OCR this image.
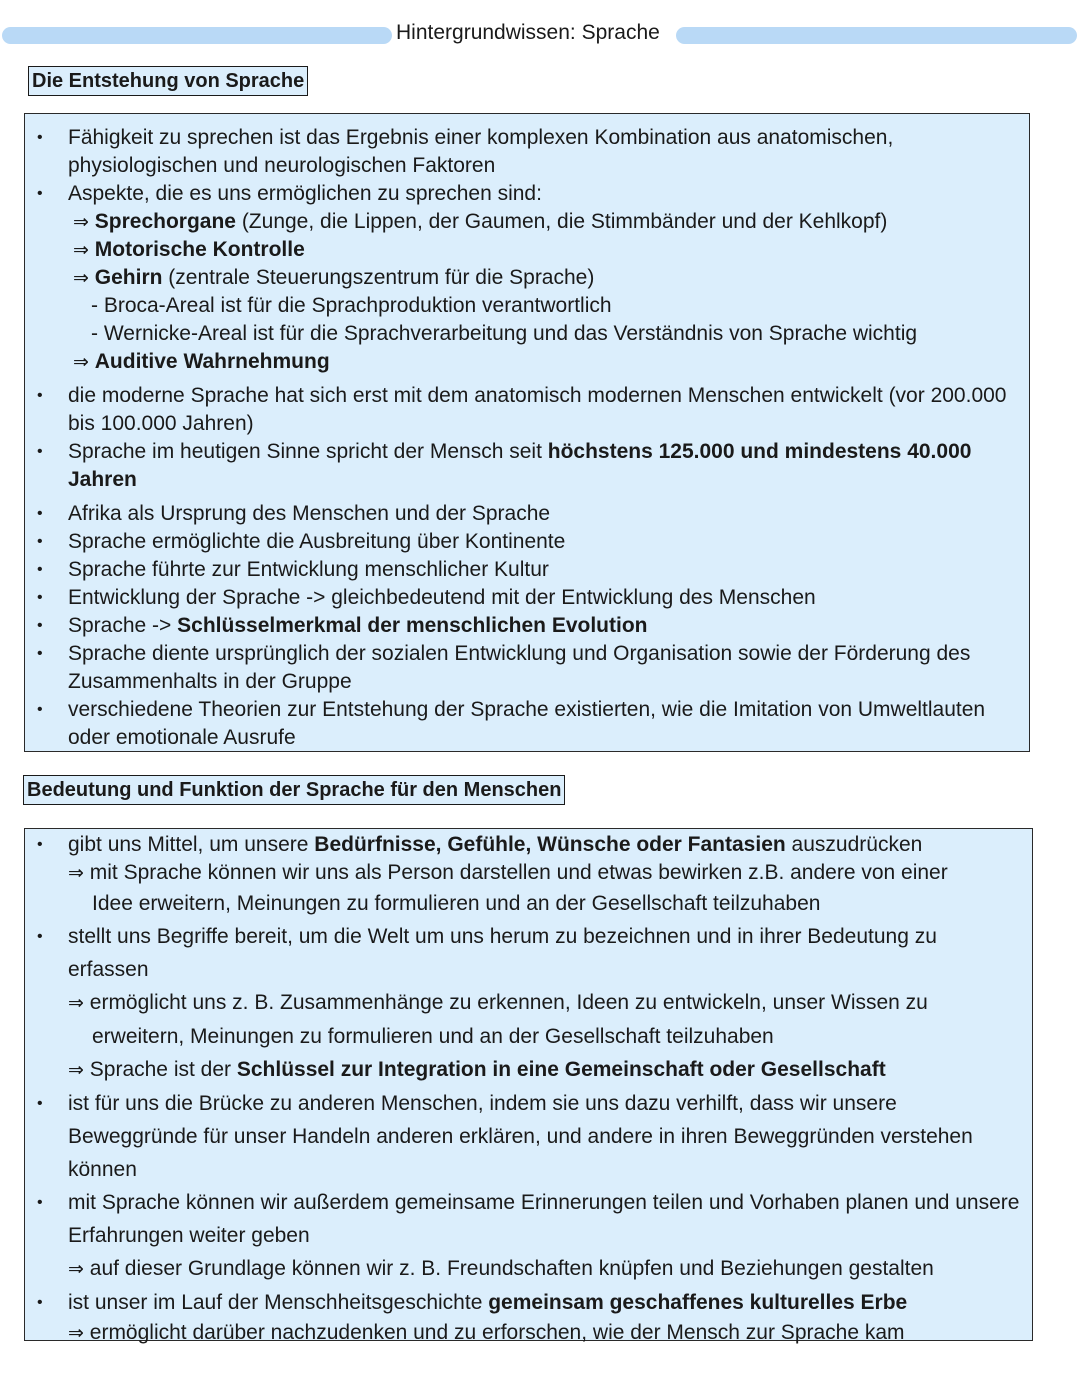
Hintergrundwissen: Sprache
Die Entstehung von Sprache
• Fähigkeit zu sprechen ist das Ergebnis einer komplexen Kombination aus anatomischen, physiologischen und neurologischen Faktoren
• Aspekte, die es uns ermöglichen zu sprechen sind:
⇒ Sprechorgane (Zunge, die Lippen, der Gaumen, die Stimmbänder und der Kehlkopf)
⇒ Motorische Kontrolle
⇒ Gehirn (zentrale Steuerungszentrum für die Sprache)
- Broca-Areal ist für die Sprachproduktion verantwortlich
- Wernicke-Areal ist für die Sprachverarbeitung und das Verständnis von Sprache wichtig
⇒ Auditive Wahrnehmung
• die moderne Sprache hat sich erst mit dem anatomisch modernen Menschen entwickelt (vor 200.000 bis 100.000 Jahren)
• Sprache im heutigen Sinne spricht der Mensch seit höchstens 125.000 und mindestens 40.000 Jahren
• Afrika als Ursprung des Menschen und der Sprache
• Sprache ermöglichte die Ausbreitung über Kontinente
• Sprache führte zur Entwicklung menschlicher Kultur
• Entwicklung der Sprache -> gleichbedeutend mit der Entwicklung des Menschen
• Sprache -> Schlüsselmerkmal der menschlichen Evolution
• Sprache diente ursprünglich der sozialen Entwicklung und Organisation sowie der Förderung des Zusammenhalts in der Gruppe
• verschiedene Theorien zur Entstehung der Sprache existierten, wie die Imitation von Umweltlauten oder emotionale Ausrufe
Bedeutung und Funktion der Sprache für den Menschen
• gibt uns Mittel, um unsere Bedürfnisse, Gefühle, Wünsche oder Fantasien auszudrücken
⇒ mit Sprache können wir uns als Person darstellen und etwas bewirken z.B. andere von einer
Idee erweitern, Meinungen zu formulieren und an der Gesellschaft teilzuhaben
• stellt uns Begriffe bereit, um die Welt um uns herum zu bezeichnen und in ihrer Bedeutung zu erfassen
⇒ ermöglicht uns z. B. Zusammenhänge zu erkennen, Ideen zu entwickeln, unser Wissen zu
erweitern, Meinungen zu formulieren und an der Gesellschaft teilzuhaben
⇒ Sprache ist der Schlüssel zur Integration in eine Gemeinschaft oder Gesellschaft
• ist für uns die Brücke zu anderen Menschen, indem sie uns dazu verhilft, dass wir unsere Beweggründe für unser Handeln anderen erklären, und andere in ihren Beweggründen verstehen können
• mit Sprache können wir außerdem gemeinsame Erinnerungen teilen und Vorhaben planen und unsere Erfahrungen weiter geben
⇒ auf dieser Grundlage können wir z. B. Freundschaften knüpfen und Beziehungen gestalten
• ist unser im Lauf der Menschheitsgeschichte gemeinsam geschaffenes kulturelles Erbe
⇒ ermöglicht darüber nachzudenken und zu erforschen, wie der Mensch zur Sprache kam
